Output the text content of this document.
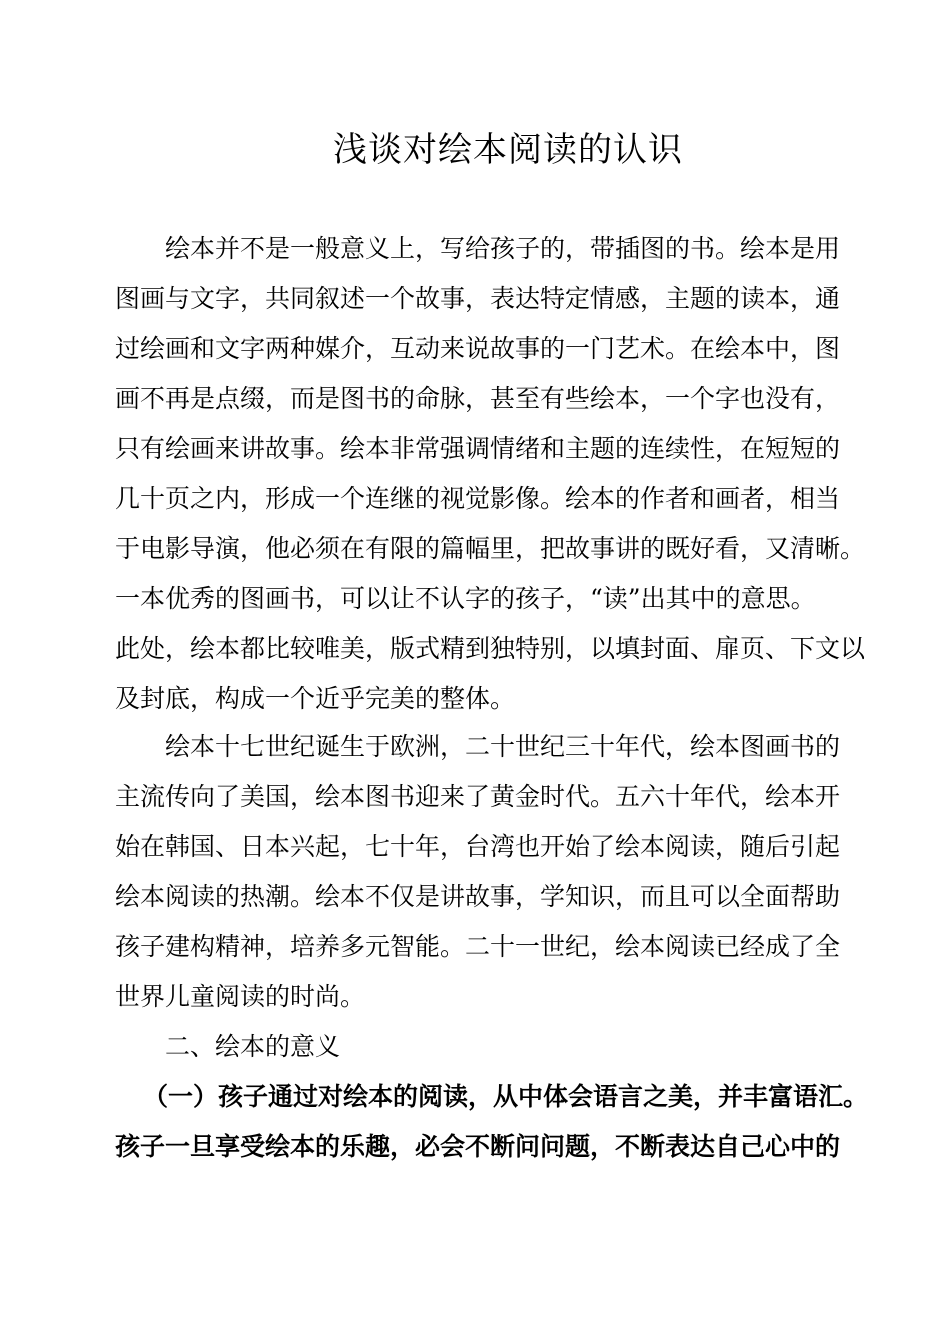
浅谈对绘本阅读的认识
绘本并不是一般意义上，写给孩子的，带插图的书。绘本是用
图画与文字，共同叙述一个故事，表达特定情感，主题的读本，通
过绘画和文字两种媒介，互动来说故事的一门艺术。在绘本中，图
画不再是点缀，而是图书的命脉，甚至有些绘本，一个字也没有，
只有绘画来讲故事。绘本非常强调情绪和主题的连续性，在短短的
几十页之内，形成一个连继的视觉影像。绘本的作者和画者，相当
于电影导演，他必须在有限的篇幅里，把故事讲的既好看，又清晰。
一本优秀的图画书，可以让不认字的孩子，“读”出其中的意思。
此处，绘本都比较唯美，版式精到独特别，以填封面、扉页、下文以
及封底，构成一个近乎完美的整体。
绘本十七世纪诞生于欧洲，二十世纪三十年代，绘本图画书的
主流传向了美国，绘本图书迎来了黄金时代。五六十年代，绘本开
始在韩国、日本兴起，七十年，台湾也开始了绘本阅读，随后引起
绘本阅读的热潮。绘本不仅是讲故事，学知识，而且可以全面帮助
孩子建构精神，培养多元智能。二十一世纪，绘本阅读已经成了全
世界儿童阅读的时尚。
二、绘本的意义
（一）孩子通过对绘本的阅读，从中体会语言之美，并丰富语汇。
孩子一旦享受绘本的乐趣，必会不断问问题，不断表达自己心中的
